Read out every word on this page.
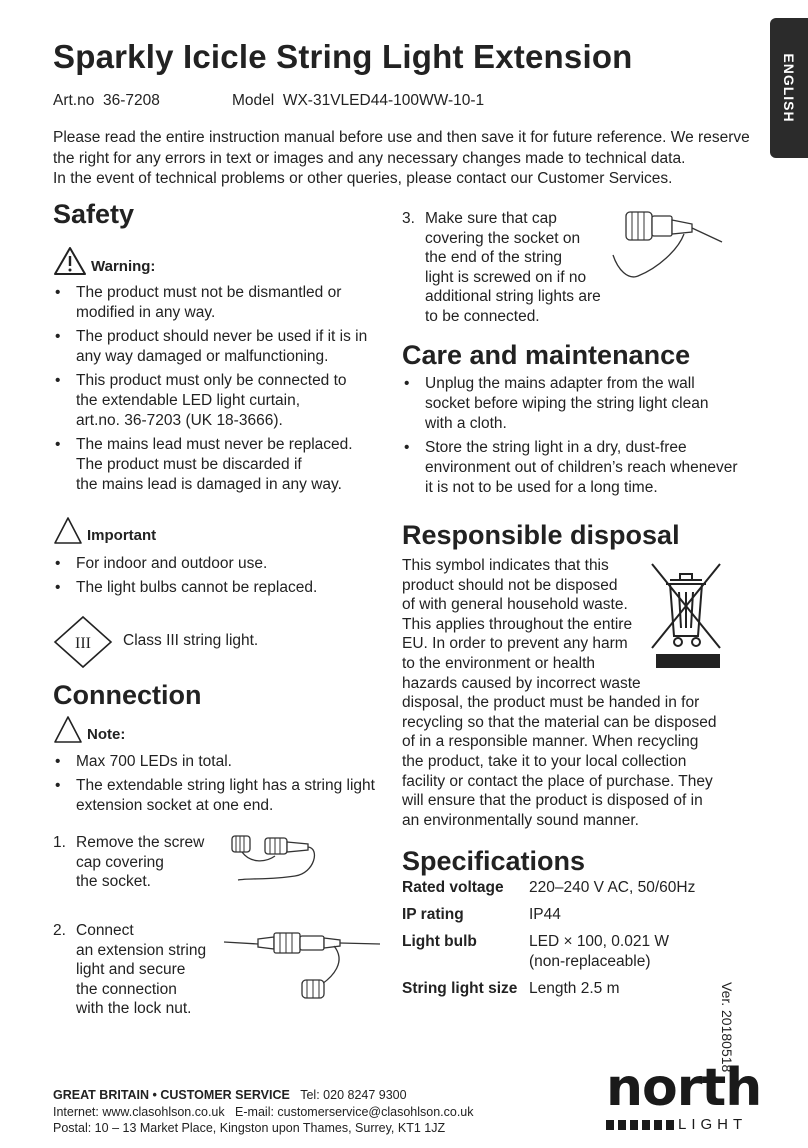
Sparkly Icicle String Light Extension
Art.no 36-7208	Model WX-31VLED44-100WW-10-1	ENGLISH
Please read the entire instruction manual before use and then save it for future reference. We reserve
the right for any errors in text or images and any necessary changes made to technical data.
In the event of technical problems or other queries, please contact our Customer Services.
Safety
Warning:
• The product must not be dismantled or
modified in any way.
• The product should never be used if it is in
any way damaged or malfunctioning.
• This product must only be connected to
the extendable LED light curtain,
art.no. 36-7203 (UK 18-3666).
• The mains lead must never be replaced.
The product must be discarded if
the mains lead is damaged in any way.
Important
• For indoor and outdoor use.
• The light bulbs cannot be replaced.
III Class III string light.
Connection
Note:
• Max 700 LEDs in total.
• The extendable string light has a string light
extension socket at one end.
1. Remove the screw
cap covering
the socket.
2. Connect
an extension string
light and secure
the connection
with the lock nut.
3. Make sure that cap
covering the socket on
the end of the string
light is screwed on if no
additional string lights are
to be connected.
Care and maintenance
• Unplug the mains adapter from the wall
socket before wiping the string light clean
with a cloth.
• Store the string light in a dry, dust-free
environment out of children’s reach whenever
it is not to be used for a long time.
Responsible disposal
This symbol indicates that this
product should not be disposed
of with general household waste.
This applies throughout the entire
EU. In order to prevent any harm
to the environment or health
hazards caused by incorrect waste
disposal, the product must be handed in for
recycling so that the material can be disposed
of in a responsible manner. When recycling
the product, take it to your local collection
facility or contact the place of purchase. They
will ensure that the product is disposed of in
an environmentally sound manner.
Specifications
Rated voltage	220–240 V AC, 50/60Hz

IP rating	IP44

Light bulb	LED × 100, 0.021 W
(non-replaceable)

String light size	Length 2.5 m	Ver. 20180518
GREAT BRITAIN • CUSTOMER SERVICE Tel: 020 8247 9300
Internet: www.clasohlson.co.uk E-mail: customerservice@clasohlson.co.uk
Postal: 10 – 13 Market Place, Kingston upon Thames, Surrey, KT1 1JZ
north
LIGHT
